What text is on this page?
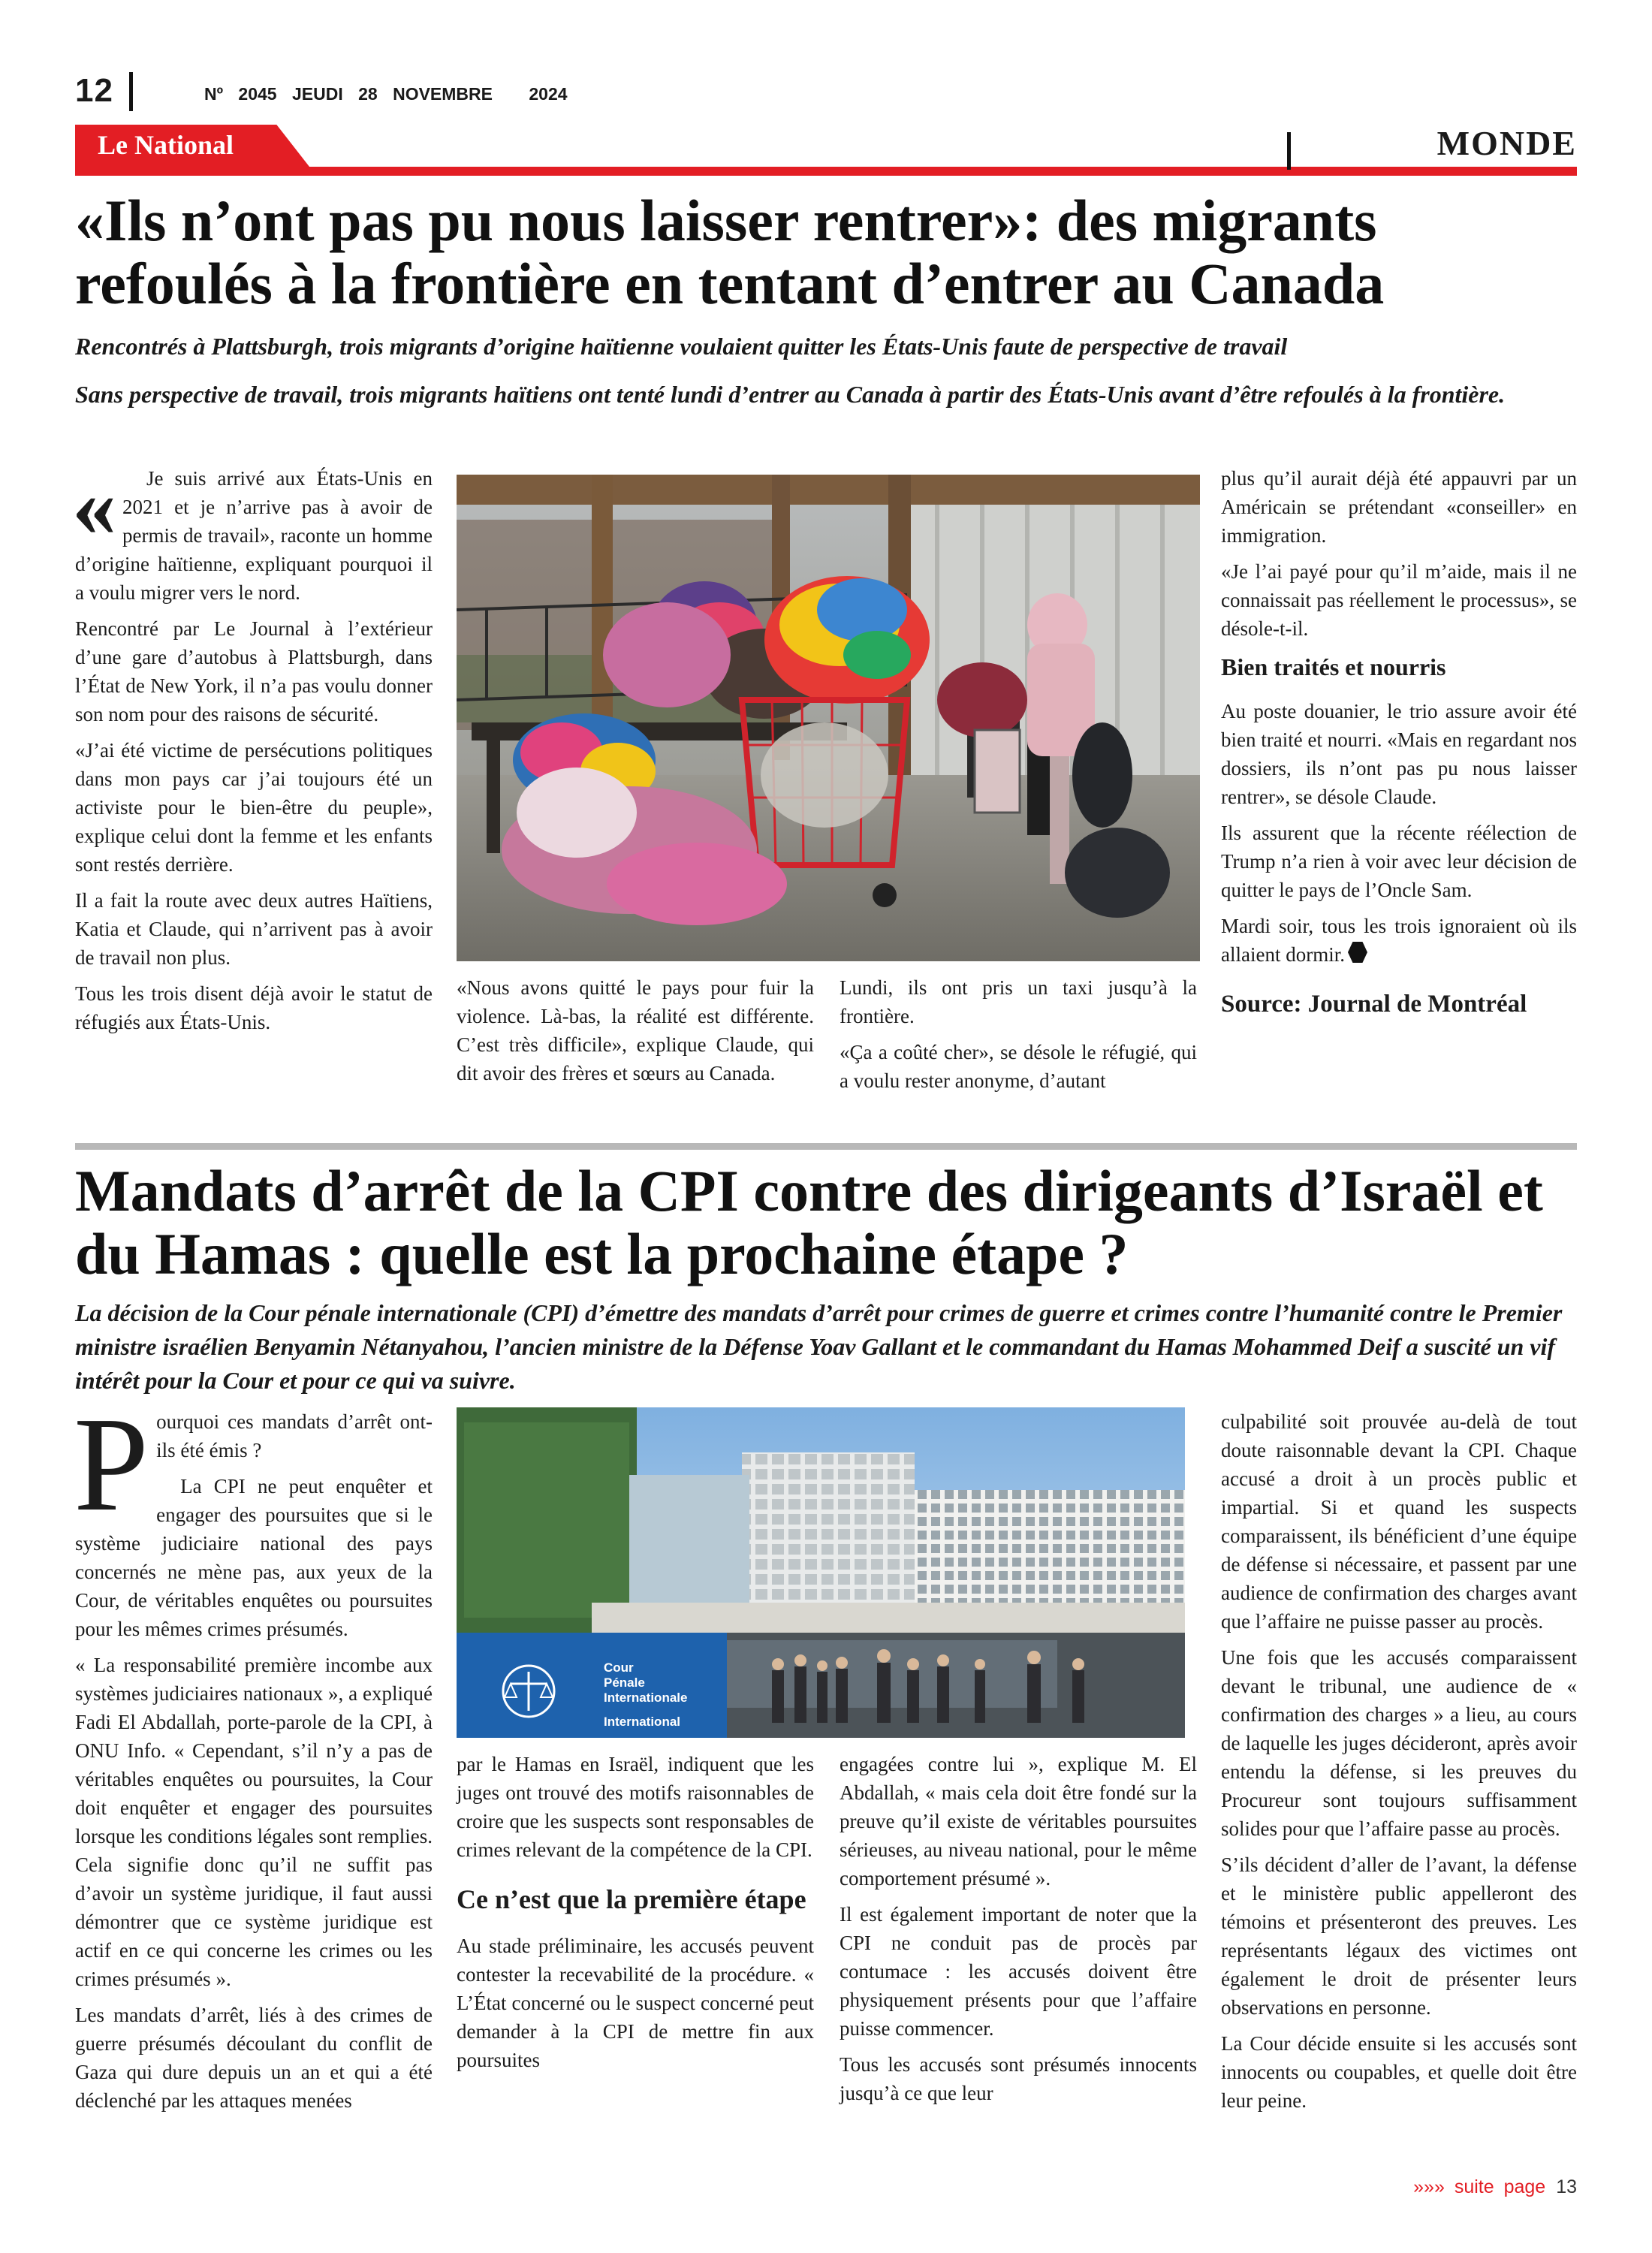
12	Nº 2045 JEUDI 28 NOVEMBRE 2024
Le National	MONDE
«Ils n’ont pas pu nous laisser rentrer»: des migrants refoulés à la frontière en tentant d’entrer au Canada
Rencontrés à Plattsburgh, trois migrants d’origine haïtienne voulaient quitter les États-Unis faute de perspective de travail
Sans perspective de travail, trois migrants haïtiens ont tenté lundi d’entrer au Canada à partir des États-Unis avant d’être refoulés à la frontière.
«	Je suis arrivé aux États-Unis en 2021 et je n’arrive pas à avoir de permis de travail», raconte un homme d’origine haïtienne, expliquant pourquoi il a voulu migrer vers le nord.

Rencontré par Le Journal à l’extérieur d’une gare d’autobus à Plattsburgh, dans l’État de New York, il n’a pas voulu donner son nom pour des raisons de sécurité.

«J’ai été victime de persécutions politiques dans mon pays car j’ai toujours été un activiste pour le bien-être du peuple», explique celui dont la femme et les enfants sont restés derrière.

Il a fait la route avec deux autres Haïtiens, Katia et Claude, qui n’arrivent pas à avoir de travail non plus.

Tous les trois disent déjà avoir le statut de réfugiés aux États-Unis.

«Nous avons quitté le pays pour fuir la violence. Là-bas, la réalité est différente. C’est très difficile», explique Claude, qui dit avoir des frères et sœurs au Canada.

Lundi, ils ont pris un taxi jusqu’à la frontière.

«Ça a coûté cher», se désole le réfugié, qui a voulu rester anonyme, d’autant

plus qu’il aurait déjà été appauvri par un Américain se prétendant «conseiller» en immigration.

«Je l’ai payé pour qu’il m’aide, mais il ne connaissait pas réellement le processus», se désole-t-il.

Bien traités et nourris

Au poste douanier, le trio assure avoir été bien traité et nourri. «Mais en regardant nos dossiers, ils n’ont pas pu nous laisser rentrer», se désole Claude.

Ils assurent que la récente réélection de Trump n’a rien à voir avec leur décision de quitter le pays de l’Oncle Sam.

Mardi soir, tous les trois ignoraient où ils allaient dormir.

Source: Journal de Montréal

Mandats d’arrêt de la CPI contre des dirigeants d’Israël et du Hamas : quelle est la prochaine étape ?
La décision de la Cour pénale internationale (CPI) d’émettre des mandats d’arrêt pour crimes de guerre et crimes contre l’humanité contre le Premier ministre israélien Benyamin Nétanyahou, l’ancien ministre de la Défense Yoav Gallant et le commandant du Hamas Mohammed Deif a suscité un vif intérêt pour la Cour et pour ce qui va suivre.
P ourquoi ces mandats d’arrêt ont-ils été émis ?

La CPI ne peut enquêter et engager des poursuites que si le système judiciaire national des pays concernés ne mène pas, aux yeux de la Cour, de véritables enquêtes ou poursuites pour les mêmes crimes présumés.

« La responsabilité première incombe aux systèmes judiciaires nationaux », a expliqué Fadi El Abdallah, porte-parole de la CPI, à ONU Info. « Cependant, s’il n’y a pas de véritables enquêtes ou poursuites, la Cour doit enquêter et engager des poursuites lorsque les conditions légales sont remplies. Cela signifie donc qu’il ne suffit pas d’avoir un système juridique, il faut aussi démontrer que ce système juridique est actif en ce qui concerne les crimes ou les crimes présumés ».

Les mandats d’arrêt, liés à des crimes de guerre présumés découlant du conflit de Gaza qui dure depuis un an et qui a été déclenché par les attaques menées

Cour
Pénale
Internationale
International

par le Hamas en Israël, indiquent que les juges ont trouvé des motifs raisonnables de croire que les suspects sont responsables de crimes relevant de la compétence de la CPI.

Ce n’est que la première étape

Au stade préliminaire, les accusés peuvent contester la recevabilité de la procédure. « L’État concerné ou le suspect concerné peut demander à la CPI de mettre fin aux poursuites

engagées contre lui », explique M. El Abdallah, « mais cela doit être fondé sur la preuve qu’il existe de véritables poursuites sérieuses, au niveau national, pour le même comportement présumé ».

Il est également important de noter que la CPI ne conduit pas de procès par contumace : les accusés doivent être physiquement présents pour que l’affaire puisse commencer.

Tous les accusés sont présumés innocents jusqu’à ce que leur

culpabilité soit prouvée au-delà de tout doute raisonnable devant la CPI. Chaque accusé a droit à un procès public et impartial. Si et quand les suspects comparaissent, ils bénéficient d’une équipe de défense si nécessaire, et passent par une audience de confirmation des charges avant que l’affaire ne puisse passer au procès.

Une fois que les accusés comparaissent devant le tribunal, une audience de « confirmation des charges » a lieu, au cours de laquelle les juges décideront, après avoir entendu la défense, si les preuves du Procureur sont toujours suffisamment solides pour que l’affaire passe au procès.

S’ils décident d’aller de l’avant, la défense et le ministère public appelleront des témoins et présenteront des preuves. Les représentants légaux des victimes ont également le droit de présenter leurs observations en personne.

La Cour décide ensuite si les accusés sont innocents ou coupables, et quelle doit être leur peine.

»»» suite page 13
